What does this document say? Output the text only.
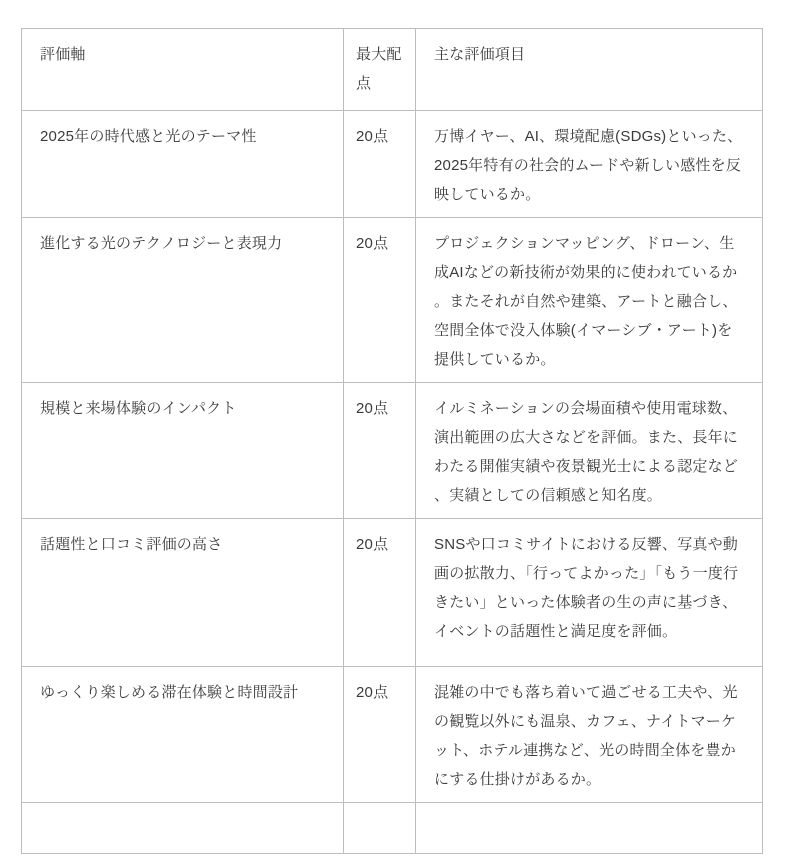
評価軸	最大配点	主な評価項目
2025年の時代感と光のテーマ性	20点	万博イヤー、AI、環境配慮(SDGs)といった、2025年特有の社会的ムードや新しい感性を反映しているか。
進化する光のテクノロジーと表現力	20点	プロジェクションマッピング、ドローン、生成AIなどの新技術が効果的に使われているか。またそれが自然や建築、アートと融合し、空間全体で没入体験(イマーシブ・アート)を提供しているか。
規模と来場体験のインパクト	20点	イルミネーションの会場面積や使用電球数、演出範囲の広大さなどを評価。また、長年にわたる開催実績や夜景観光士による認定など、実績としての信頼感と知名度。
話題性と口コミ評価の高さ	20点	SNSや口コミサイトにおける反響、写真や動画の拡散力、「行ってよかった」「もう一度行きたい」といった体験者の生の声に基づき、イベントの話題性と満足度を評価。
ゆっくり楽しめる滞在体験と時間設計	20点	混雑の中でも落ち着いて過ごせる工夫や、光の観覧以外にも温泉、カフェ、ナイトマーケット、ホテル連携など、光の時間全体を豊かにする仕掛けがあるか。
